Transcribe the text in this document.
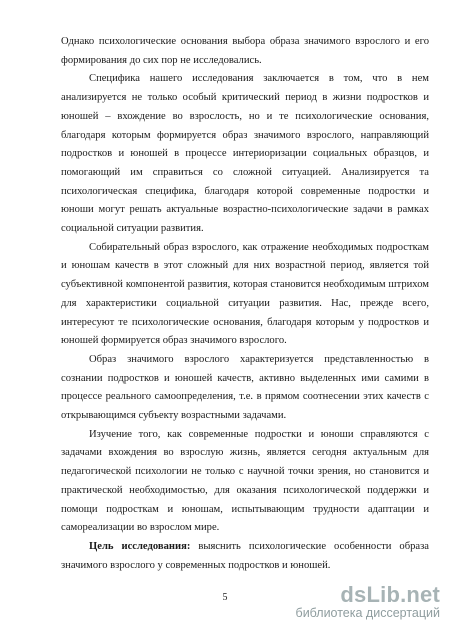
Однако психологические основания выбора образа значимого взрослого и его формирования до сих пор не исследовались.

Специфика нашего исследования заключается в том, что в нем анализируется не только особый критический период в жизни подростков и юношей – вхождение во взрослость, но и те психологические основания, благодаря которым формируется образ значимого взрослого, направляющий подростков и юношей в процессе интериоризации социальных образцов, и помогающий им справиться со сложной ситуацией. Анализируется та психологическая специфика, благодаря которой современные подростки и юноши могут решать актуальные возрастно-психологические задачи в рамках социальной ситуации развития.

Собирательный образ взрослого, как отражение необходимых подросткам и юношам качеств в этот сложный для них возрастной период, является той субъективной компонентой развития, которая становится необходимым штрихом для характеристики социальной ситуации развития. Нас, прежде всего, интересуют те психологические основания, благодаря которым у подростков и юношей формируется образ значимого взрослого.

Образ значимого взрослого характеризуется представленностью в сознании подростков и юношей качеств, активно выделенных ими самими в процессе реального самоопределения, т.е. в прямом соотнесении этих качеств с открывающимся субъекту возрастными задачами.

Изучение того, как современные подростки и юноши справляются с задачами вхождения во взрослую жизнь, является сегодня актуальным для педагогической психологии не только с научной точки зрения, но становится и практической необходимостью, для оказания психологической поддержки и помощи подросткам и юношам, испытывающим трудности адаптации и самореализации во взрослом мире.

Цель исследования: выяснить психологические особенности образа значимого взрослого у современных подростков и юношей.

5	dsLib.net
библиотека диссертаций
